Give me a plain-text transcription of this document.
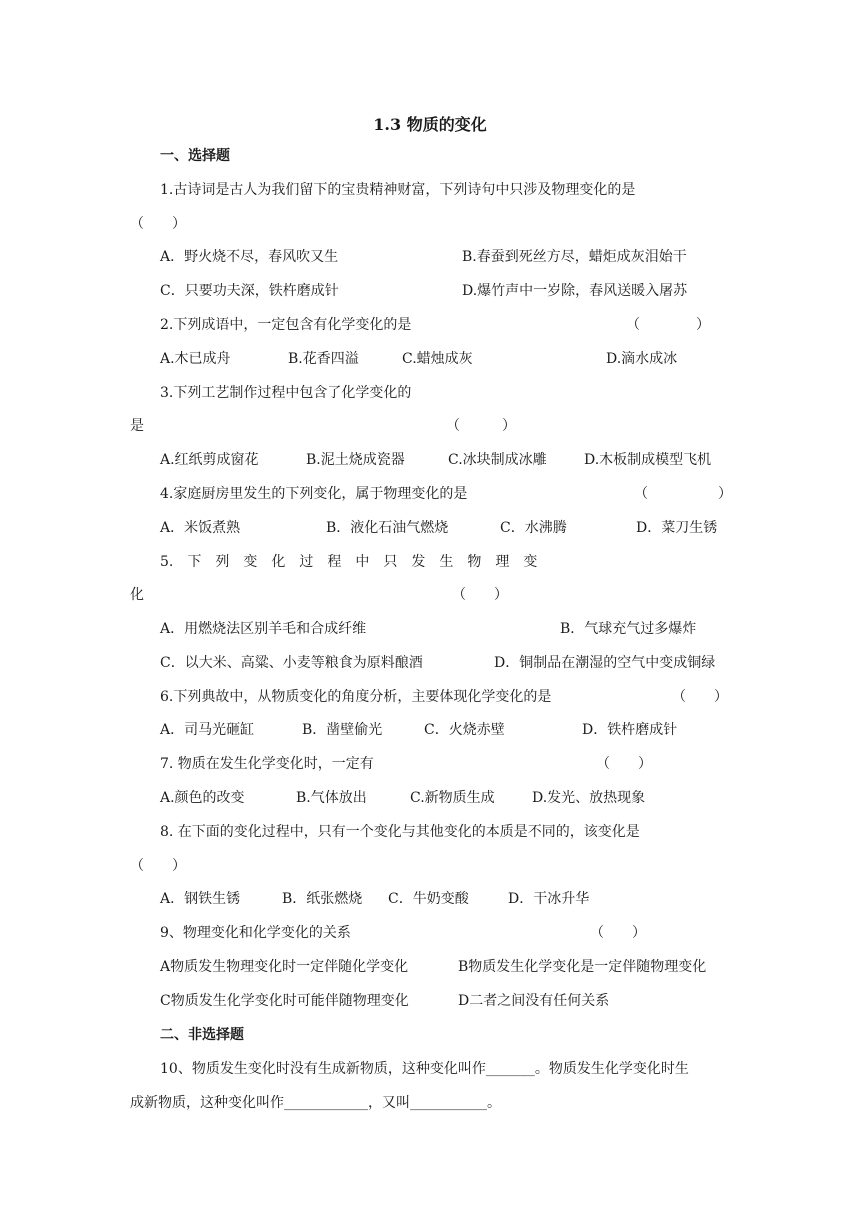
1.3 物质的变化
一、选择题
1.古诗词是古人为我们留下的宝贵精神财富，下列诗句中只涉及物理变化的是
（　　）
A．野火烧不尽，春风吹又生	B.春蚕到死丝方尽，蜡炬成灰泪始干
C．只要功夫深，铁杵磨成针	D.爆竹声中一岁除，春风送暖入屠苏
2.下列成语中，一定包含有化学变化的是	（　　　　）
A.木已成舟	B.花香四溢	C.蜡烛成灰	D.滴水成冰
3.下列工艺制作过程中包含了化学变化的
是	（　　　）
A.红纸剪成窗花	B.泥土烧成瓷器	C.冰块制成冰雕	D.木板制成模型飞机
4.家庭厨房里发生的下列变化，属于物理变化的是	（　　　　　）
A．米饭煮熟	B．液化石油气燃烧	C．水沸腾	D．菜刀生锈
5.　下　列　变　化　过　程　中　只　发　生　物　理　变
化	（　　）
A．用燃烧法区别羊毛和合成纤维	B．气球充气过多爆炸
C．以大米、高粱、小麦等粮食为原料酿酒	D．铜制品在潮湿的空气中变成铜绿
6.下列典故中，从物质变化的角度分析，主要体现化学变化的是	（　　）
A．司马光砸缸	B．凿壁偷光	C．火烧赤壁	D．铁杵磨成针
7. 物质在发生化学变化时，一定有	（　　）
A.颜色的改变	B.气体放出	C.新物质生成	D.发光、放热现象
8. 在下面的变化过程中，只有一个变化与其他变化的本质是不同的，该变化是
（　　）
A．钢铁生锈	B．纸张燃烧 C．牛奶变酸	D．干冰升华
9、物理变化和化学变化的关系	（　　）
A物质发生物理变化时一定伴随化学变化	B物质发生化学变化是一定伴随物理变化
C物质发生化学变化时可能伴随物理变化	D二者之间没有任何关系
二、非选择题
10、物质发生变化时没有生成新物质，这种变化叫作_______。物质发生化学变化时生
成新物质，这种变化叫作____________，又叫___________。
